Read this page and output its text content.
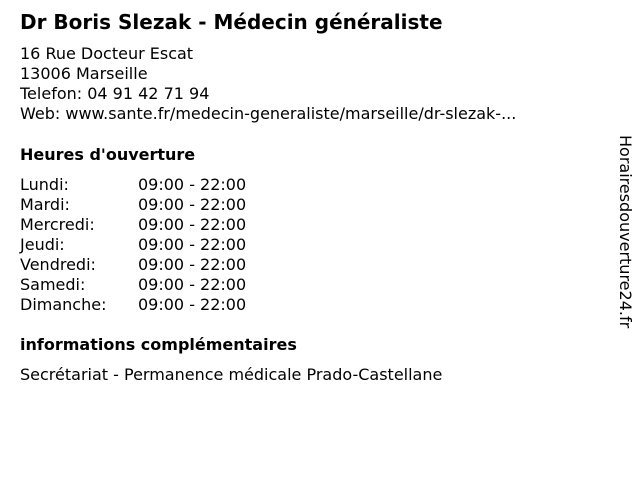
Dr Boris Slezak - Médecin généraliste
16 Rue Docteur Escat
13006 Marseille
Telefon: 04 91 42 71 94
Web: www.sante.fr/medecin-generaliste/marseille/dr-slezak-...
Heures d'ouverture
Lundi:	09:00 - 22:00
Mardi:	09:00 - 22:00
Mercredi:	09:00 - 22:00
Jeudi:	09:00 - 22:00
Vendredi:	09:00 - 22:00
Samedi:	09:00 - 22:00
Dimanche: 09:00 - 22:00
informations complémentaires
Secrétariat - Permanence médicale Prado-Castellane
Horairesdouverture24.fr
